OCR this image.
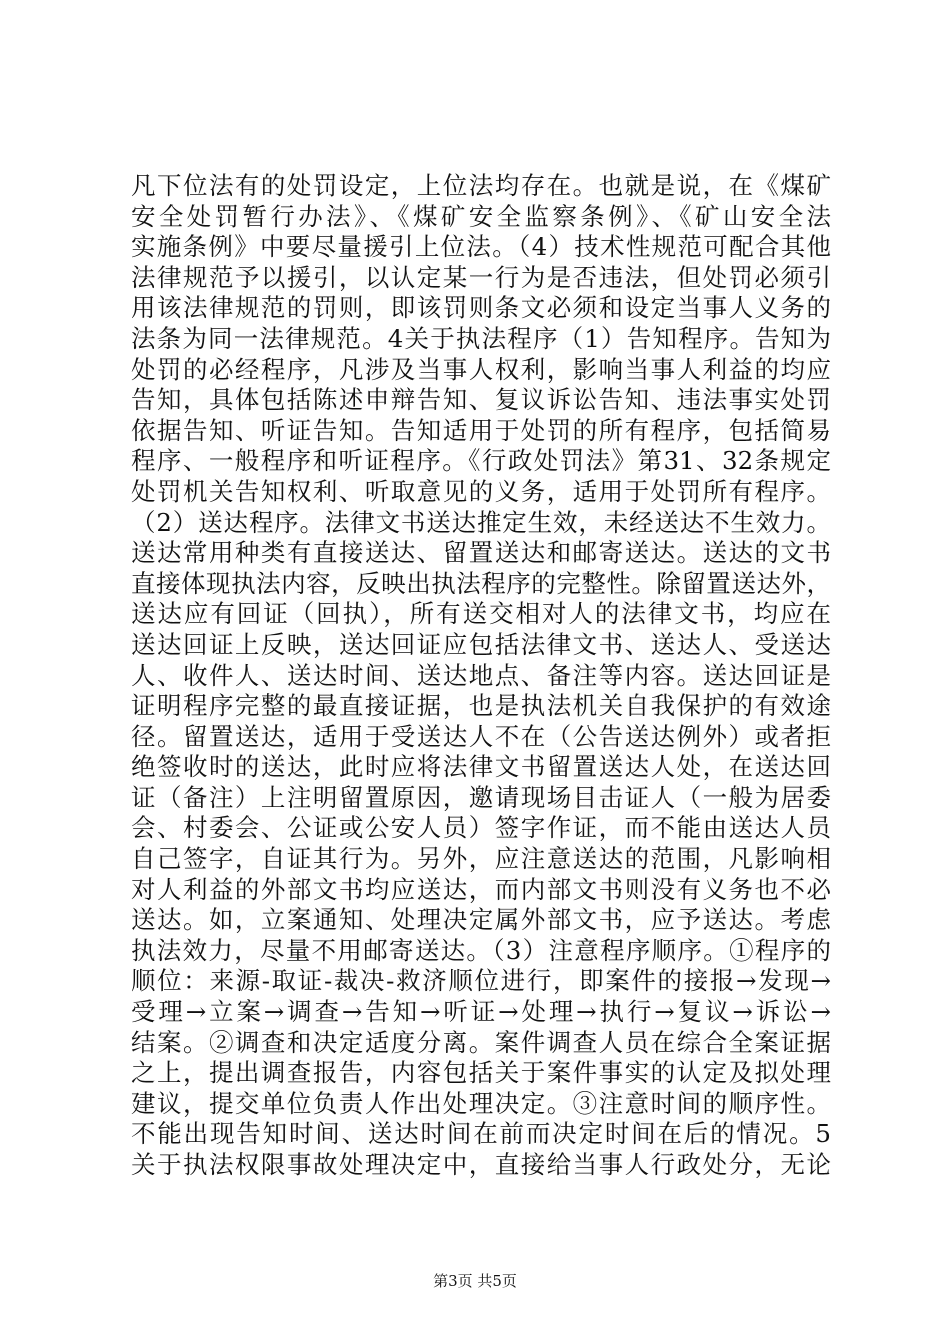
凡下位法有的处罚设定，上位法均存在。也就是说，在《煤矿
安全处罚暂行办法》、《煤矿安全监察条例》、《矿山安全法
实施条例》中要尽量援引上位法。（4）技术性规范可配合其他
法律规范予以援引，以认定某一行为是否违法，但处罚必须引
用该法律规范的罚则，即该罚则条文必须和设定当事人义务的
法条为同一法律规范。4关于执法程序（1）告知程序。告知为
处罚的必经程序，凡涉及当事人权利，影响当事人利益的均应
告知，具体包括陈述申辩告知、复议诉讼告知、违法事实处罚
依据告知、听证告知。告知适用于处罚的所有程序，包括简易
程序、一般程序和听证程序。《行政处罚法》第31、32条规定
处罚机关告知权利、听取意见的义务，适用于处罚所有程序。
（2）送达程序。法律文书送达推定生效，未经送达不生效力。
送达常用种类有直接送达、留置送达和邮寄送达。送达的文书
直接体现执法内容，反映出执法程序的完整性。除留置送达外，
送达应有回证（回执），所有送交相对人的法律文书，均应在
送达回证上反映，送达回证应包括法律文书、送达人、受送达
人、收件人、送达时间、送达地点、备注等内容。送达回证是
证明程序完整的最直接证据，也是执法机关自我保护的有效途
径。留置送达，适用于受送达人不在（公告送达例外）或者拒
绝签收时的送达，此时应将法律文书留置送达人处，在送达回
证（备注）上注明留置原因，邀请现场目击证人（一般为居委
会、村委会、公证或公安人员）签字作证，而不能由送达人员
自己签字，自证其行为。另外，应注意送达的范围，凡影响相
对人利益的外部文书均应送达，而内部文书则没有义务也不必
送达。如，立案通知、处理决定属外部文书，应予送达。考虑
执法效力，尽量不用邮寄送达。（3）注意程序顺序。①程序的
顺位：来源-取证-裁决-救济顺位进行，即案件的接报→发现→
受理→立案→调查→告知→听证→处理→执行→复议→诉讼→
结案。②调查和决定适度分离。案件调查人员在综合全案证据
之上，提出调查报告，内容包括关于案件事实的认定及拟处理
建议，提交单位负责人作出处理决定。③注意时间的顺序性。
不能出现告知时间、送达时间在前而决定时间在后的情况。5
关于执法权限事故处理决定中，直接给当事人行政处分，无论
第3页 共5页
